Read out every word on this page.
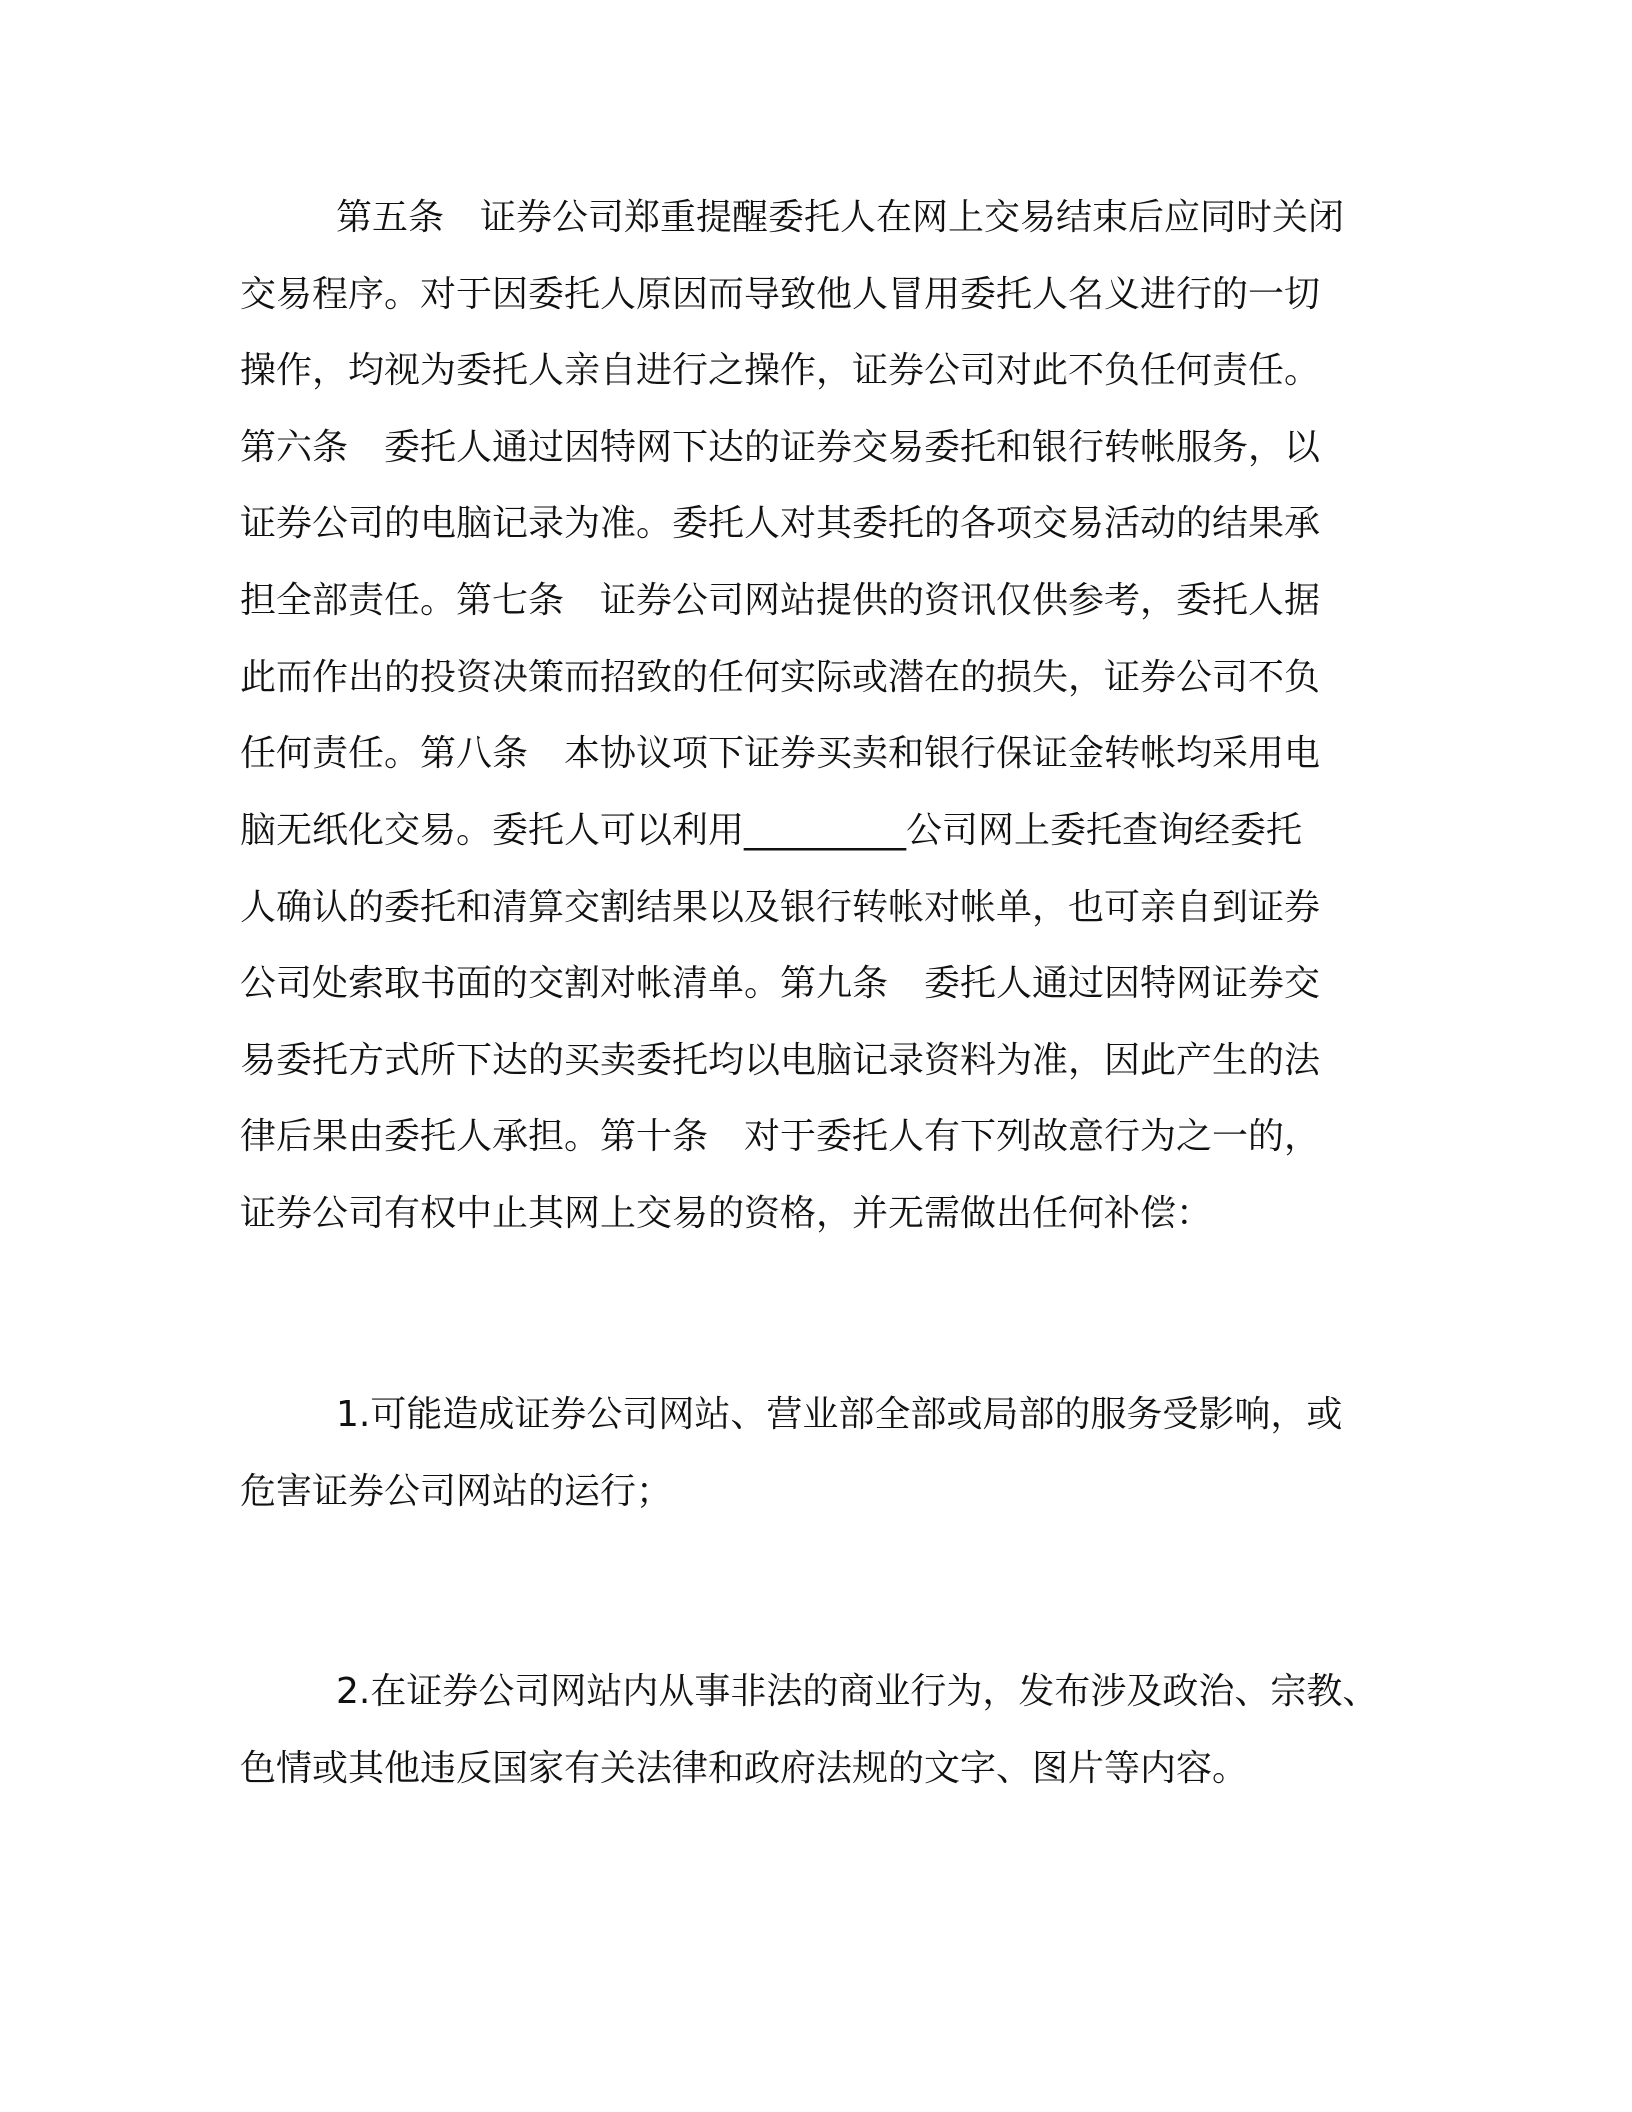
第五条　证券公司郑重提醒委托人在网上交易结束后应同时关闭
交易程序。对于因委托人原因而导致他人冒用委托人名义进行的一切
操作，均视为委托人亲自进行之操作，证券公司对此不负任何责任。
第六条　委托人通过因特网下达的证券交易委托和银行转帐服务，以
证券公司的电脑记录为准。委托人对其委托的各项交易活动的结果承
担全部责任。第七条　证券公司网站提供的资讯仅供参考，委托人据
此而作出的投资决策而招致的任何实际或潜在的损失，证券公司不负
任何责任。第八条　本协议项下证券买卖和银行保证金转帐均采用电
脑无纸化交易。委托人可以利用_________公司网上委托查询经委托
人确认的委托和清算交割结果以及银行转帐对帐单，也可亲自到证券
公司处索取书面的交割对帐清单。第九条　委托人通过因特网证券交
易委托方式所下达的买卖委托均以电脑记录资料为准，因此产生的法
律后果由委托人承担。第十条　对于委托人有下列故意行为之一的，
证券公司有权中止其网上交易的资格，并无需做出任何补偿：
1.可能造成证券公司网站、营业部全部或局部的服务受影响，或
危害证券公司网站的运行；
2.在证券公司网站内从事非法的商业行为，发布涉及政治、宗教、
色情或其他违反国家有关法律和政府法规的文字、图片等内容。
